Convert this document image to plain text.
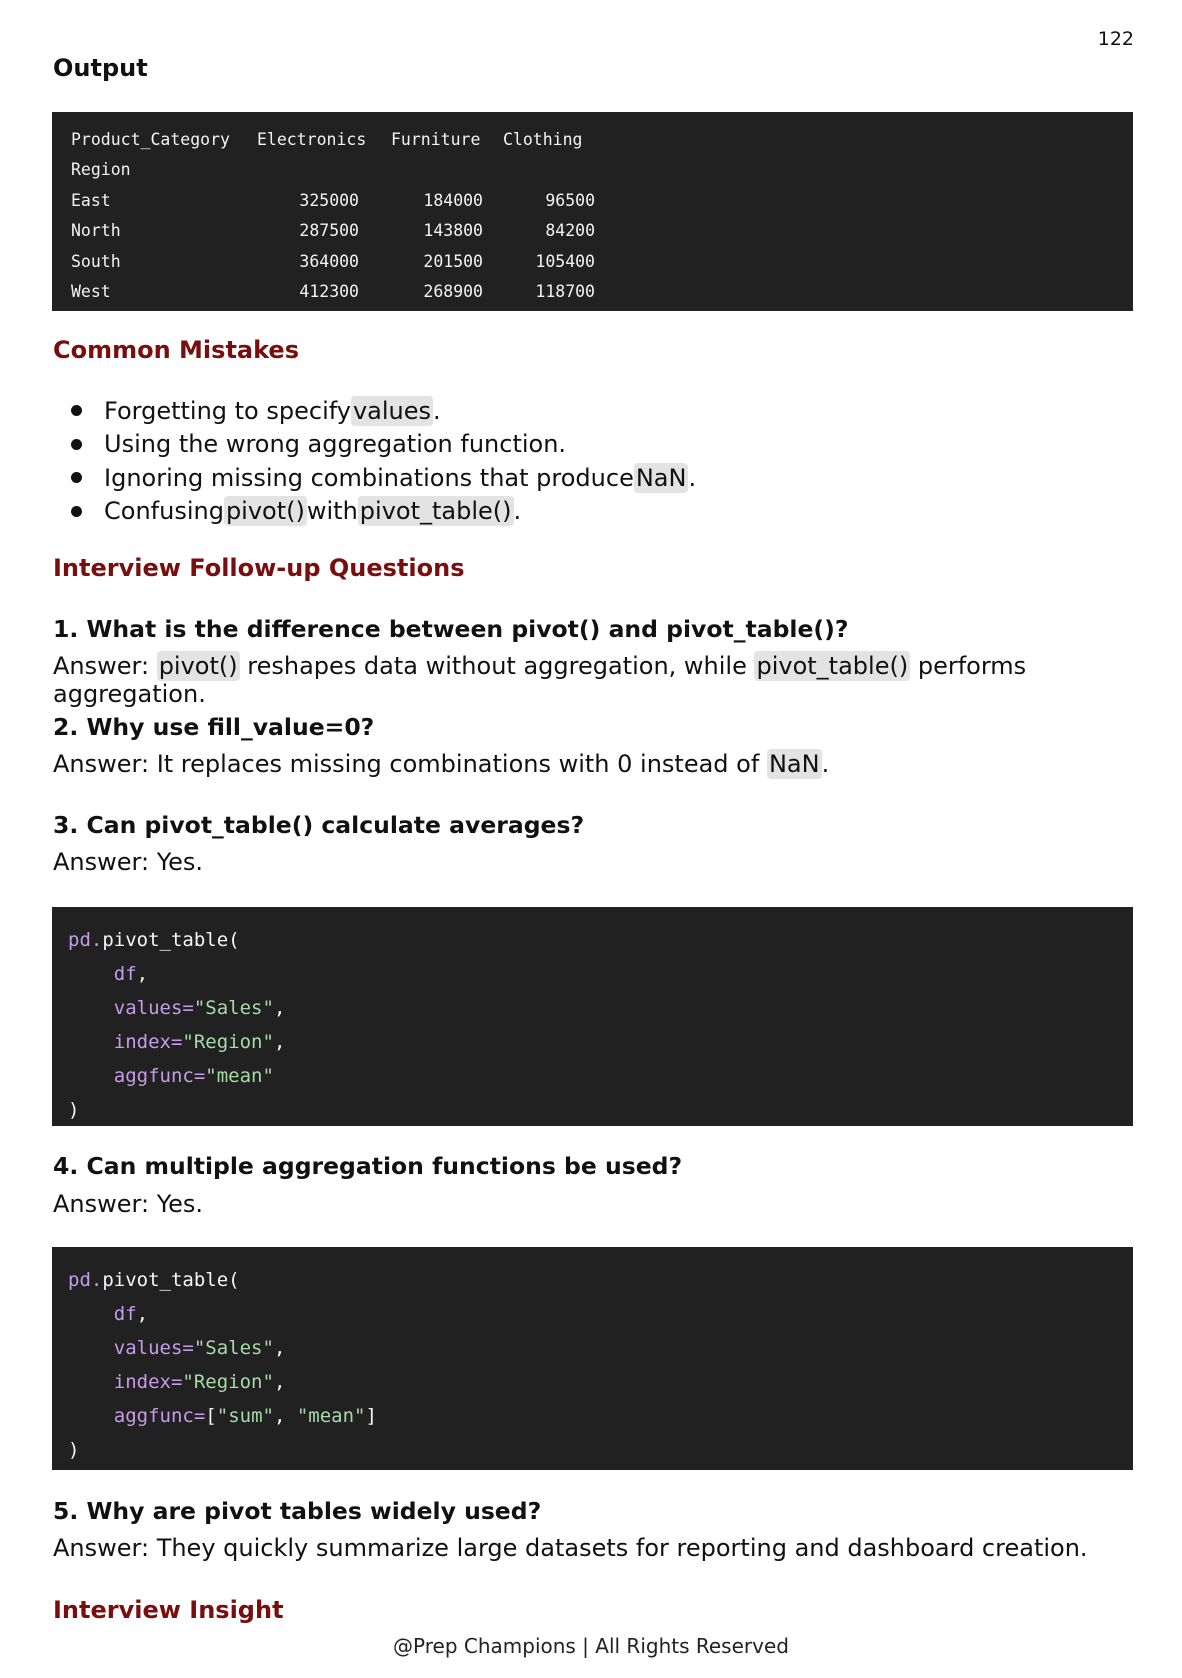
122
Output
Product_Category	Electronics	Furniture	Clothing
Region
East	325000	184000	96500
North	287500	143800	84200
South	364000	201500	105400
West	412300	268900	118700
Common Mistakes
Forgetting to specify values .
Using the wrong aggregation function.
Ignoring missing combinations that produce NaN .
Confusing pivot() with pivot_table() .
Interview Follow-up Questions
1. What is the difference between pivot() and pivot_table()?
Answer: pivot() reshapes data without aggregation, while pivot_table() performs aggregation.
2. Why use fill_value=0?
Answer: It replaces missing combinations with 0 instead of NaN.
3. Can pivot_table() calculate averages?
Answer: Yes.
pd.pivot_table(
df,
values="Sales",
index="Region",
aggfunc="mean"
)
4. Can multiple aggregation functions be used?
Answer: Yes.
pd.pivot_table(
df,
values="Sales",
index="Region",
aggfunc=["sum", "mean"]
)
5. Why are pivot tables widely used?
Answer: They quickly summarize large datasets for reporting and dashboard creation.
Interview Insight
@Prep Champions | All Rights Reserved
